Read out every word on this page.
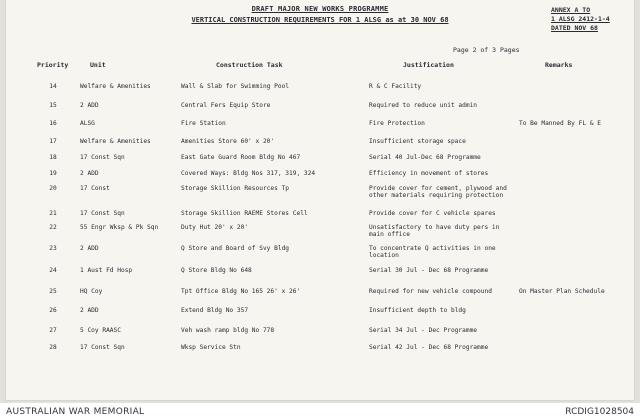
DRAFT MAJOR NEW WORKS PROGRAMME
VERTICAL CONSTRUCTION REQUIREMENTS FOR 1 ALSG as at 30 NOV 68
ANNEX A TO
1 ALSG 2412-1-4
DATED NOV 68
Page 2 of 3 Pages
Priority	Unit	Construction Task	Justification	Remarks
14	Welfare & Amenities	Wall & Slab for Swimming Pool	R & C Facility
15	2 ADD	Central Fers Equip Store	Required to reduce unit admin
16	ALSG	Fire Station	Fire Protection	To Be Manned By FL & E
17	Welfare & Amenities	Amenities Store 60' x 20'	Insufficient storage space
18	17 Const Sqn	East Gate Guard Room Bldg No 467	Serial 40 Jul-Dec 68 Programme
19	2 ADD	Covered Ways: Bldg Nos 317, 319, 324	Efficiency in movement of stores
20	17 Const	Storage Skillion Resources Tp	Provide cover for cement, plywood and other materials requiring protection
21	17 Const Sqn	Storage Skillion RAEME Stores Cell	Provide cover for C vehicle spares
22	55 Engr Wksp & Pk Sqn	Duty Hut 20' x 20'	Unsatisfactory to have duty pers in main office
23	2 ADD	Q Store and Board of Svy Bldg	To concentrate Q activities in one location
24	1 Aust Fd Hosp	Q Store Bldg No 648	Serial 30 Jul - Dec 68 Programme
25	HQ Coy	Tpt Office Bldg No 165 26' x 26'	Required for new vehicle compound	On Master Plan Schedule
26	2 ADD	Extend Bldg No 357	Insufficient depth to bldg
27	5 Coy RAASC	Veh wash ramp bldg No 778	Serial 34 Jul - Dec Programme
28	17 Const Sqn	Wksp Service Stn	Serial 42 Jul - Dec 68 Programme
AUSTRALIAN WAR MEMORIAL	RCDIG1028504
